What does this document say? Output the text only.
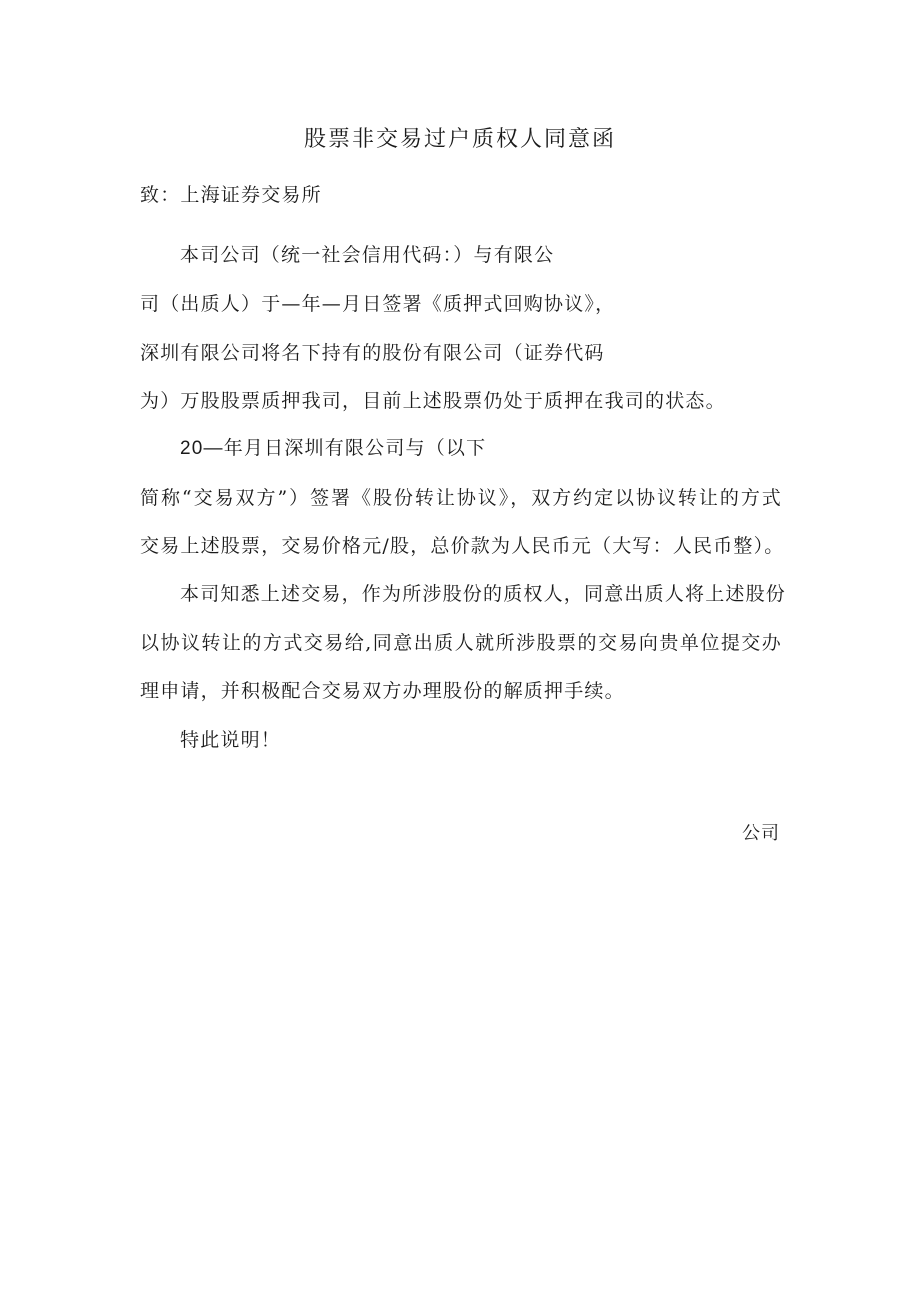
股票非交易过户质权人同意函
致：上海证券交易所
本司公司（统一社会信用代码：）与有限公
司（出质人）于—年—月日签署《质押式回购协议》，
深圳有限公司将名下持有的股份有限公司（证券代码
为）万股股票质押我司，目前上述股票仍处于质押在我司的状态。
20—年月日深圳有限公司与（以下
简称“交易双方”）签署《股份转让协议》，双方约定以协议转让的方式
交易上述股票，交易价格元/股，总价款为人民币元（大写：人民币整）。
本司知悉上述交易，作为所涉股份的质权人，同意出质人将上述股份
以协议转让的方式交易给,同意出质人就所涉股票的交易向贵单位提交办
理申请，并积极配合交易双方办理股份的解质押手续。
特此说明！
公司
